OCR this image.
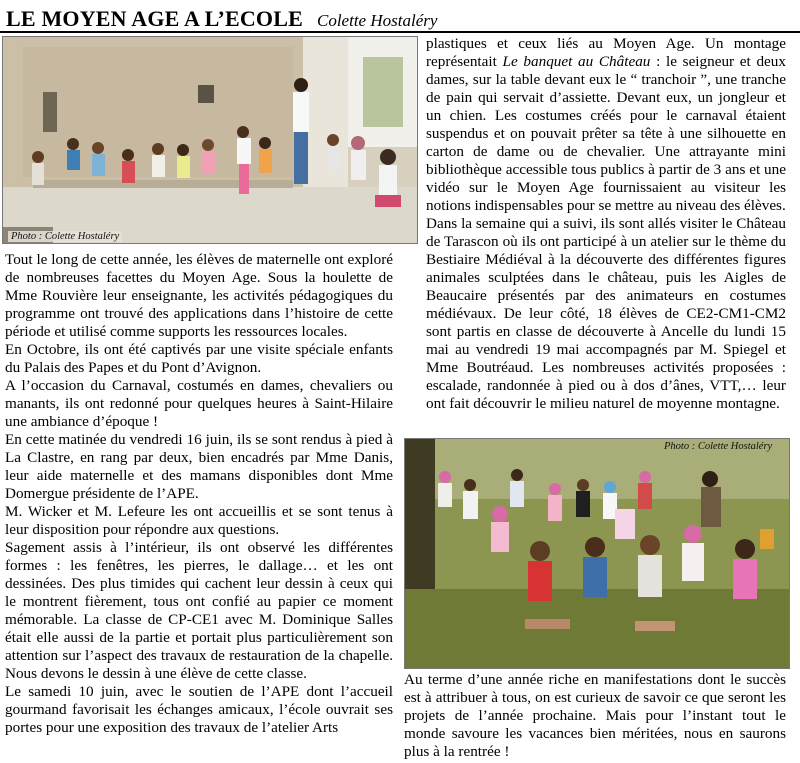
LE MOYEN AGE A L’ECOLE Colette Hostaléry
Photo : Colette Hostaléry

Tout le long de cette année, les élèves de maternelle ont exploré de nombreuses facettes du Moyen Age. Sous la houlette de Mme Rouvière leur enseignante, les activités pédagogiques du programme ont trouvé des applications dans l’histoire de cette période et utilisé comme supports les ressources locales.

En Octobre, ils ont été captivés par une visite spéciale enfants du Palais des Papes et du Pont d’Avignon.

A l’occasion du Carnaval, costumés en dames, chevaliers ou manants, ils ont redonné pour quelques heures à Saint-Hilaire une ambiance d’époque !

En cette matinée du vendredi 16 juin, ils se sont rendus à pied à La Clastre, en rang par deux, bien encadrés par Mme Danis, leur aide maternelle et des mamans disponibles dont Mme Domergue présidente de l’APE.

M. Wicker et M. Lefeure les ont accueillis et se sont tenus à leur disposition pour répondre aux questions.

Sagement assis à l’intérieur, ils ont observé les différentes formes : les fenêtres, les pierres, le dallage… et les ont dessinées. Des plus timides qui cachent leur dessin à ceux qui le montrent fièrement, tous ont confié au papier ce moment mémorable. La classe de CP-CE1 avec M. Dominique Salles était elle aussi de la partie et portait plus particulièrement son attention sur l’aspect des travaux de restauration de la chapelle. Nous devons le dessin à une élève de cette classe.

Le samedi 10 juin, avec le soutien de l’APE dont l’accueil gourmand favorisait les échanges amicaux, l’école ouvrait ses portes pour une exposition des travaux de l’atelier Arts

plastiques et ceux liés au Moyen Age. Un montage représentait Le banquet au Château : le seigneur et deux dames, sur la table devant eux le “ tranchoir ”, une tranche de pain qui servait d’assiette. Devant eux, un jongleur et un chien. Les costumes créés pour le carnaval étaient suspendus et on pouvait prêter sa tête à une silhouette en carton de dame ou de chevalier. Une attrayante mini bibliothèque accessible tous publics à partir de 3 ans et une vidéo sur le Moyen Age fournissaient au visiteur les notions indispensables pour se mettre au niveau des élèves.

Dans la semaine qui a suivi, ils sont allés visiter le Château de Tarascon où ils ont participé à un atelier sur le thème du Bestiaire Médiéval à la découverte des différentes figures animales sculptées dans le château, puis les Aigles de Beaucaire présentés par des animateurs en costumes médiévaux. De leur côté, 18 élèves de CE2-CM1-CM2 sont partis en classe de découverte à Ancelle du lundi 15 mai au vendredi 19 mai accompagnés par M. Spiegel et Mme Boutréaud. Les nombreuses activités proposées : escalade, randonnée à pied ou à dos d’ânes, VTT,… leur ont fait découvrir le milieu naturel de moyenne montagne.

Photo : Colette Hostaléry

Au terme d’une année riche en manifestations dont le succès est à attribuer à tous, on est curieux de savoir ce que seront les projets de l’année prochaine. Mais pour l’instant tout le monde savoure les vacances bien méritées, nous en saurons plus à la rentrée !
